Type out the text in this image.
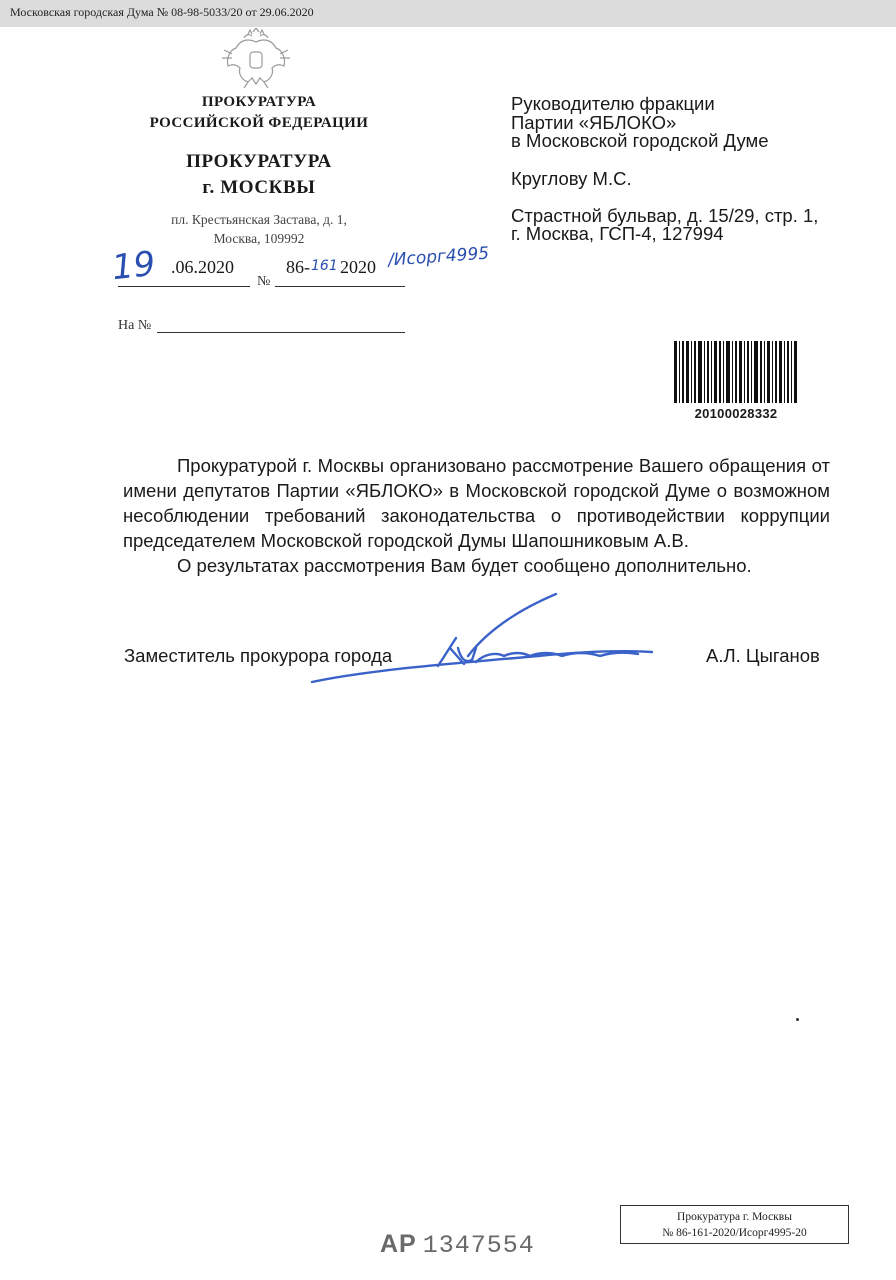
Московская городская Дума № 08-98-5033/20 от 29.06.2020
ПРОКУРАТУРА
РОССИЙСКОЙ ФЕДЕРАЦИИ
ПРОКУРАТУРА
г. МОСКВЫ
пл. Крестьянская Застава, д. 1,
Москва, 109992
19 .06.2020
№
86- 161 2020 /Исорг4995
На №
Руководителю фракции
Партии «ЯБЛОКО»
в Московской городской Думе
Круглову М.С.
Страстной бульвар, д. 15/29, стр. 1,
г. Москва, ГСП-4, 127994
20100028332

Прокуратурой г. Москвы организовано рассмотрение Вашего обращения от имени депутатов Партии «ЯБЛОКО» в Московской городской Думе о возможном несоблюдении требований законодательства о противодействии коррупции председателем Московской городской Думы Шапошниковым А.В.

О результатах рассмотрения Вам будет сообщено дополнительно.

Заместитель прокурора города	А.Л. Цыганов
АР 1347554
Прокуратура г. Москвы
№ 86-161-2020/Исорг4995-20
